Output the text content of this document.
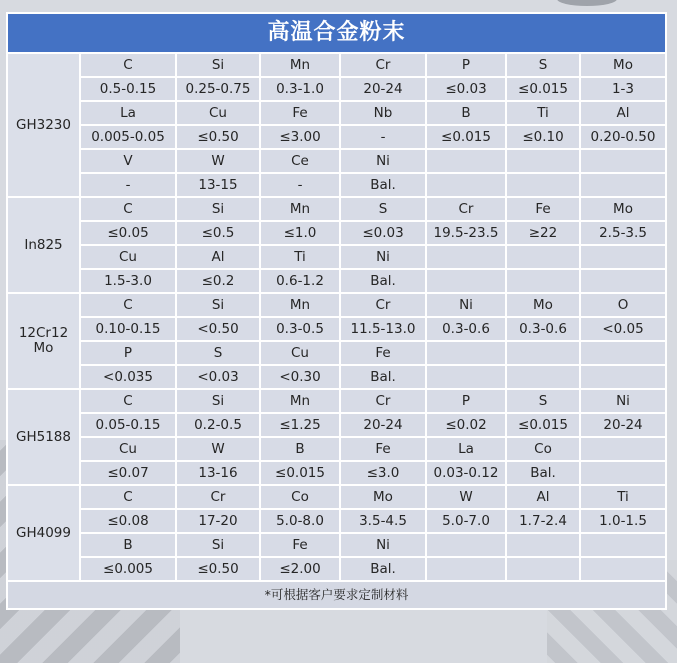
高温合金粉末							
GH3230	C	Si	Mn	Cr	P	S	Mo
	0.5-0.15	0.25-0.75	0.3-1.0	20-24	≤0.03	≤0.015	1-3
	La	Cu	Fe	Nb	B	Ti	Al
	0.005-0.05	≤0.50	≤3.00	-	≤0.015	≤0.10	0.20-0.50
	V	W	Ce	Ni			
	-	13-15	-	Bal.			
In825	C	Si	Mn	S	Cr	Fe	Mo
	≤0.05	≤0.5	≤1.0	≤0.03	19.5-23.5	≥22	2.5-3.5
	Cu	Al	Ti	Ni			
	1.5-3.0	≤0.2	0.6-1.2	Bal.			
12Cr12 Mo	C	Si	Mn	Cr	Ni	Mo	O
	0.10-0.15	<0.50	0.3-0.5	11.5-13.0	0.3-0.6	0.3-0.6	<0.05
	P	S	Cu	Fe			
	<0.035	<0.03	<0.30	Bal.			
GH5188	C	Si	Mn	Cr	P	S	Ni
	0.05-0.15	0.2-0.5	≤1.25	20-24	≤0.02	≤0.015	20-24
	Cu	W	B	Fe	La	Co	
	≤0.07	13-16	≤0.015	≤3.0	0.03-0.12	Bal.	
GH4099	C	Cr	Co	Mo	W	Al	Ti
	≤0.08	17-20	5.0-8.0	3.5-4.5	5.0-7.0	1.7-2.4	1.0-1.5
	B	Si	Fe	Ni			
	≤0.005	≤0.50	≤2.00	Bal.			
*可根据客户要求定制材料							
